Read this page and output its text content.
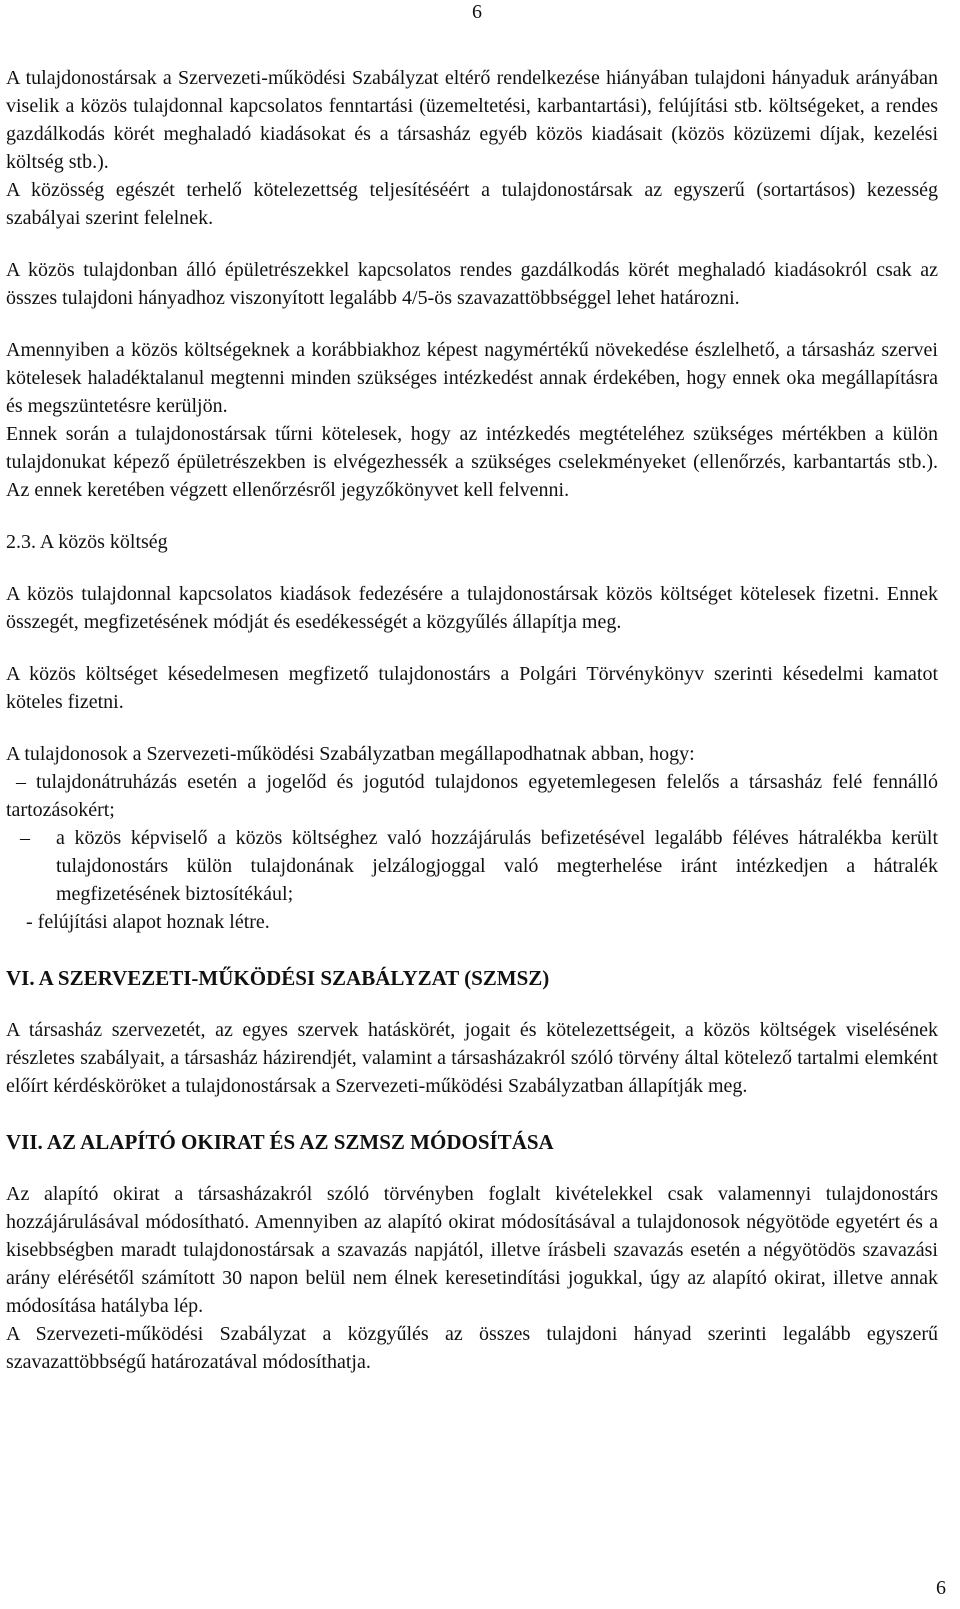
6

A tulajdonostársak a Szervezeti-működési Szabályzat eltérő rendelkezése hiányában tulajdoni hányaduk arányában viselik a közös tulajdonnal kapcsolatos fenntartási (üzemeltetési, karbantartási), felújítási stb. költségeket, a rendes gazdálkodás körét meghaladó kiadásokat és a társasház egyéb közös kiadásait (közös közüzemi díjak, kezelési költség stb.).

A közösség egészét terhelő kötelezettség teljesítéséért a tulajdonostársak az egyszerű (sortartásos) kezesség szabályai szerint felelnek.

A közös tulajdonban álló épületrészekkel kapcsolatos rendes gazdálkodás körét meghaladó kiadásokról csak az összes tulajdoni hányadhoz viszonyított legalább 4/5-ös szavazattöbbséggel lehet határozni.

Amennyiben a közös költségeknek a korábbiakhoz képest nagymértékű növekedése észlelhető, a társasház szervei kötelesek haladéktalanul megtenni minden szükséges intézkedést annak érdekében, hogy ennek oka megállapításra és megszüntetésre kerüljön.

Ennek során a tulajdonostársak tűrni kötelesek, hogy az intézkedés megtételéhez szükséges mértékben a külön tulajdonukat képező épületrészekben is elvégezhessék a szükséges cselekményeket (ellenőrzés, karbantartás stb.). Az ennek keretében végzett ellenőrzésről jegyzőkönyvet kell felvenni.

2.3. A közös költség

A közös tulajdonnal kapcsolatos kiadások fedezésére a tulajdonostársak közös költséget kötelesek fizetni. Ennek összegét, megfizetésének módját és esedékességét a közgyűlés állapítja meg.

A közös költséget késedelmesen megfizető tulajdonostárs a Polgári Törvénykönyv szerinti késedelmi kamatot köteles fizetni.

A tulajdonosok a Szervezeti-működési Szabályzatban megállapodhatnak abban, hogy:

– tulajdonátruházás esetén a jogelőd és jogutód tulajdonos egyetemlegesen felelős a társasház felé fennálló tartozásokért;
– a közös képviselő a közös költséghez való hozzájárulás befizetésével legalább féléves hátralékba került tulajdonostárs külön tulajdonának jelzálogjoggal való megterhelése iránt intézkedjen a hátralék megfizetésének biztosítékául;

- felújítási alapot hoznak létre.

VI. A SZERVEZETI-MŰKÖDÉSI SZABÁLYZAT (SZMSZ)

A társasház szervezetét, az egyes szervek hatáskörét, jogait és kötelezettségeit, a közös költségek viselésének részletes szabályait, a társasház házirendjét, valamint a társasházakról szóló törvény által kötelező tartalmi elemként előírt kérdésköröket a tulajdonostársak a Szervezeti-működési Szabályzatban állapítják meg.

VII. AZ ALAPÍTÓ OKIRAT ÉS AZ SZMSZ MÓDOSÍTÁSA

Az alapító okirat a társasházakról szóló törvényben foglalt kivételekkel csak valamennyi tulajdonostárs hozzájárulásával módosítható. Amennyiben az alapító okirat módosításával a tulajdonosok négyötöde egyetért és a kisebbségben maradt tulajdonostársak a szavazás napjától, illetve írásbeli szavazás esetén a négyötödös szavazási arány elérésétől számított 30 napon belül nem élnek keresetindítási jogukkal, úgy az alapító okirat, illetve annak módosítása hatályba lép.

A Szervezeti-működési Szabályzat a közgyűlés az összes tulajdoni hányad szerinti legalább egyszerű szavazattöbbségű határozatával módosíthatja.

6
